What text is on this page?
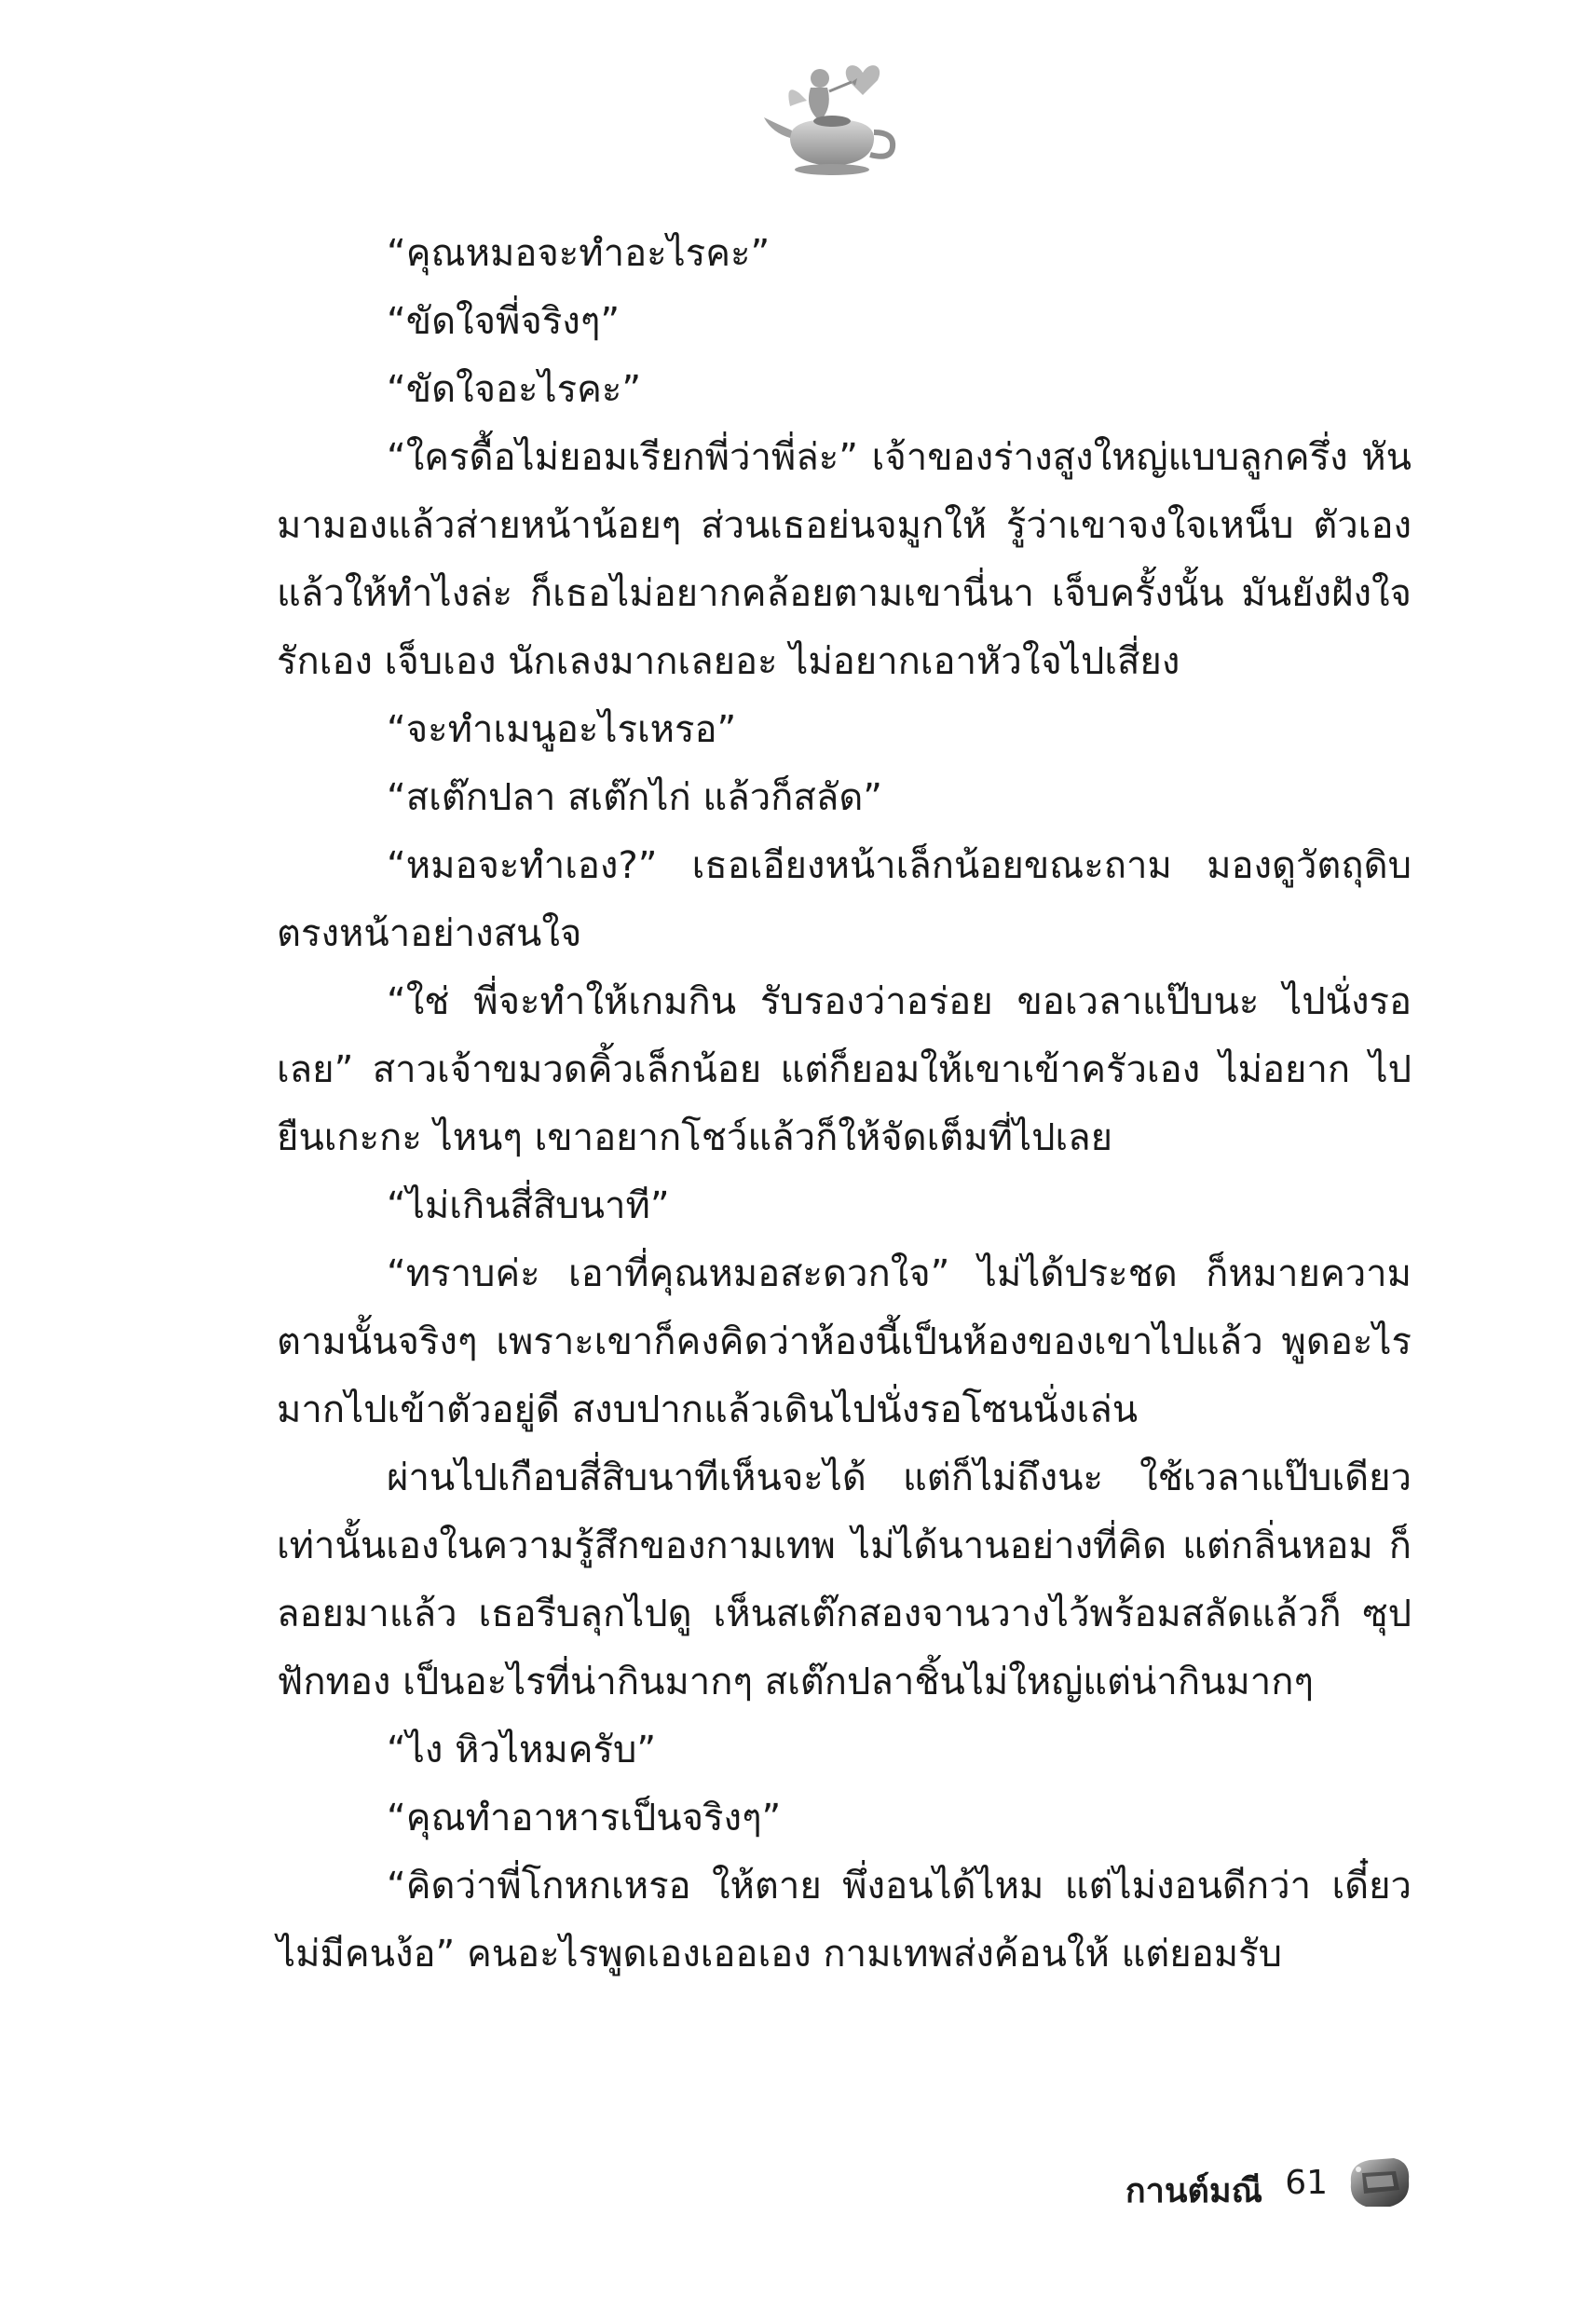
“คุณหมอจะทำอะไรคะ”

“ขัดใจพี่จริงๆ”

“ขัดใจอะไรคะ”

“ใครดื้อไม่ยอมเรียกพี่ว่าพี่ล่ะ” เจ้าของร่างสูงใหญ่แบบลูกครึ่ง หันมามองแล้วส่ายหน้าน้อยๆ ส่วนเธอย่นจมูกให้ รู้ว่าเขาจงใจเหน็บ ตัวเอง แล้วให้ทำไงล่ะ ก็เธอไม่อยากคล้อยตามเขานี่นา เจ็บครั้งนั้น มันยังฝังใจ รักเอง เจ็บเอง นักเลงมากเลยอะ ไม่อยากเอาหัวใจไปเสี่ยง

“จะทำเมนูอะไรเหรอ”

“สเต๊กปลา สเต๊กไก่ แล้วก็สลัด”

“หมอจะทำเอง?” เธอเอียงหน้าเล็กน้อยขณะถาม มองดูวัตถุดิบ ตรงหน้าอย่างสนใจ

“ใช่ พี่จะทำให้เกมกิน รับรองว่าอร่อย ขอเวลาแป๊บนะ ไปนั่งรอ เลย” สาวเจ้าขมวดคิ้วเล็กน้อย แต่ก็ยอมให้เขาเข้าครัวเอง ไม่อยาก ไปยืนเกะกะ ไหนๆ เขาอยากโชว์แล้วก็ให้จัดเต็มที่ไปเลย

“ไม่เกินสี่สิบนาที”

“ทราบค่ะ เอาที่คุณหมอสะดวกใจ” ไม่ได้ประชด ก็หมายความ ตามนั้นจริงๆ เพราะเขาก็คงคิดว่าห้องนี้เป็นห้องของเขาไปแล้ว พูดอะไร มากไปเข้าตัวอยู่ดี สงบปากแล้วเดินไปนั่งรอโซนนั่งเล่น

ผ่านไปเกือบสี่สิบนาทีเห็นจะได้ แต่ก็ไม่ถึงนะ ใช้เวลาแป๊บเดียว เท่านั้นเองในความรู้สึกของกามเทพ ไม่ได้นานอย่างที่คิด แต่กลิ่นหอม ก็ลอยมาแล้ว เธอรีบลุกไปดู เห็นสเต๊กสองจานวางไว้พร้อมสลัดแล้วก็ ซุปฟักทอง เป็นอะไรที่น่ากินมากๆ สเต๊กปลาชิ้นไม่ใหญ่แต่น่ากินมากๆ

“ไง หิวไหมครับ”

“คุณทำอาหารเป็นจริงๆ”

“คิดว่าพี่โกหกเหรอ ให้ตาย พึ่งอนได้ไหม แต่ไม่งอนดีกว่า เดี๋ยวไม่มีคนง้อ” คนอะไรพูดเองเออเอง กามเทพส่งค้อนให้ แต่ยอมรับ

กานต์มณี 61
